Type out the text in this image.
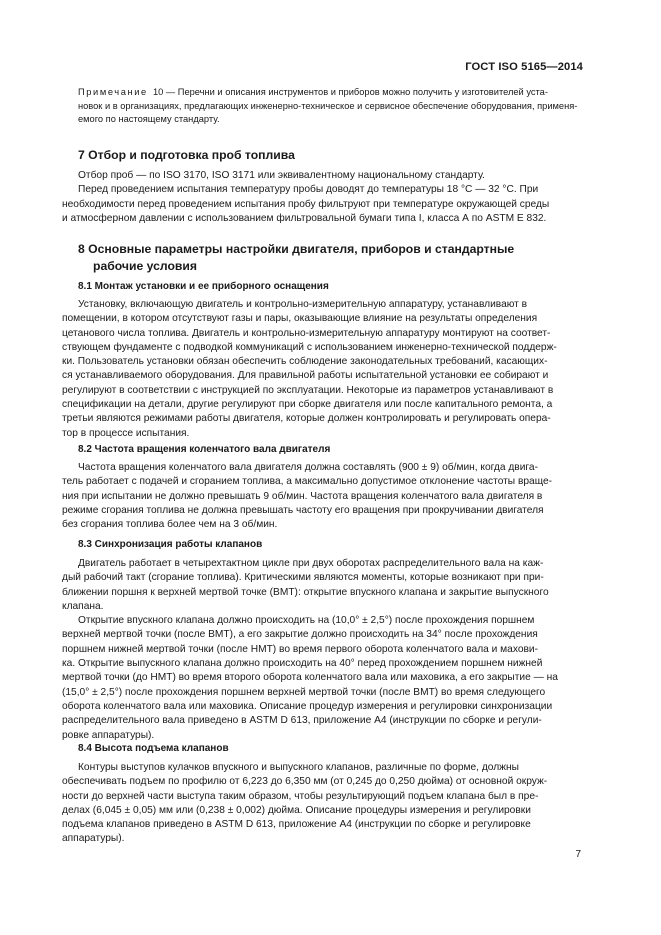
ГОСТ ISO 5165—2014

Примечание 10 — Перечни и описания инструментов и приборов можно получить у изготовителей уста-

новок и в организациях, предлагающих инженерно-техническое и сервисное обеспечение оборудования, применя-

емого по настоящему стандарту.

7 Отбор и подготовка проб топлива

Отбор проб — по ISO 3170, ISO 3171 или эквивалентному национальному стандарту.

Перед проведением испытания температуру пробы доводят до температуры 18 °С — 32 °С. При

необходимости перед проведением испытания пробу фильтруют при температуре окружающей среды

и атмосферном давлении с использованием фильтровальной бумаги типа I, класса А по ASTM E 832.

8 Основные параметры настройки двигателя, приборов и стандартные
рабочие условия
8.1 Монтаж установки и ее приборного оснащения

Установку, включающую двигатель и контрольно-измерительную аппаратуру, устанавливают в

помещении, в котором отсутствуют газы и пары, оказывающие влияние на результаты определения

цетанового числа топлива. Двигатель и контрольно-измерительную аппаратуру монтируют на соответ-

ствующем фундаменте с подводкой коммуникаций с использованием инженерно-технической поддерж-

ки. Пользователь установки обязан обеспечить соблюдение законодательных требований, касающих-

ся устанавливаемого оборудования. Для правильной работы испытательной установки ее собирают и

регулируют в соответствии с инструкцией по эксплуатации. Некоторые из параметров устанавливают в

спецификации на детали, другие регулируют при сборке двигателя или после капитального ремонта, а

третьи являются режимами работы двигателя, которые должен контролировать и регулировать опера-

тор в процессе испытания.

8.2 Частота вращения коленчатого вала двигателя

Частота вращения коленчатого вала двигателя должна составлять (900 ± 9) об/мин, когда двига-

тель работает с подачей и сгоранием топлива, а максимально допустимое отклонение частоты враще-

ния при испытании не должно превышать 9 об/мин. Частота вращения коленчатого вала двигателя в

режиме сгорания топлива не должна превышать частоту его вращения при прокручивании двигателя

без сгорания топлива более чем на 3 об/мин.

8.3 Синхронизация работы клапанов

Двигатель работает в четырехтактном цикле при двух оборотах распределительного вала на каж-

дый рабочий такт (сгорание топлива). Критическими являются моменты, которые возникают при при-

ближении поршня к верхней мертвой точке (ВМТ): открытие впускного клапана и закрытие выпускного

клапана.

Открытие впускного клапана должно происходить на (10,0° ± 2,5°) после прохождения поршнем

верхней мертвой точки (после ВМТ), а его закрытие должно происходить на 34° после прохождения

поршнем нижней мертвой точки (после НМТ) во время первого оборота коленчатого вала и махови-

ка. Открытие выпускного клапана должно происходить на 40° перед прохождением поршнем нижней

мертвой точки (до НМТ) во время второго оборота коленчатого вала или маховика, а его закрытие — на

(15,0° ± 2,5°) после прохождения поршнем верхней мертвой точки (после ВМТ) во время следующего

оборота коленчатого вала или маховика. Описание процедур измерения и регулировки синхронизации

распределительного вала приведено в ASTM D 613, приложение А4 (инструкции по сборке и регули-

ровке аппаратуры).

8.4 Высота подъема клапанов

Контуры выступов кулачков впускного и выпускного клапанов, различные по форме, должны

обеспечивать подъем по профилю от 6,223 до 6,350 мм (от 0,245 до 0,250 дюйма) от основной окруж-

ности до верхней части выступа таким образом, чтобы результирующий подъем клапана был в пре-

делах (6,045 ± 0,05) мм или (0,238 ± 0,002) дюйма. Описание процедуры измерения и регулировки

подъема клапанов приведено в ASTM D 613, приложение А4 (инструкции по сборке и регулировке

аппаратуры).

7
